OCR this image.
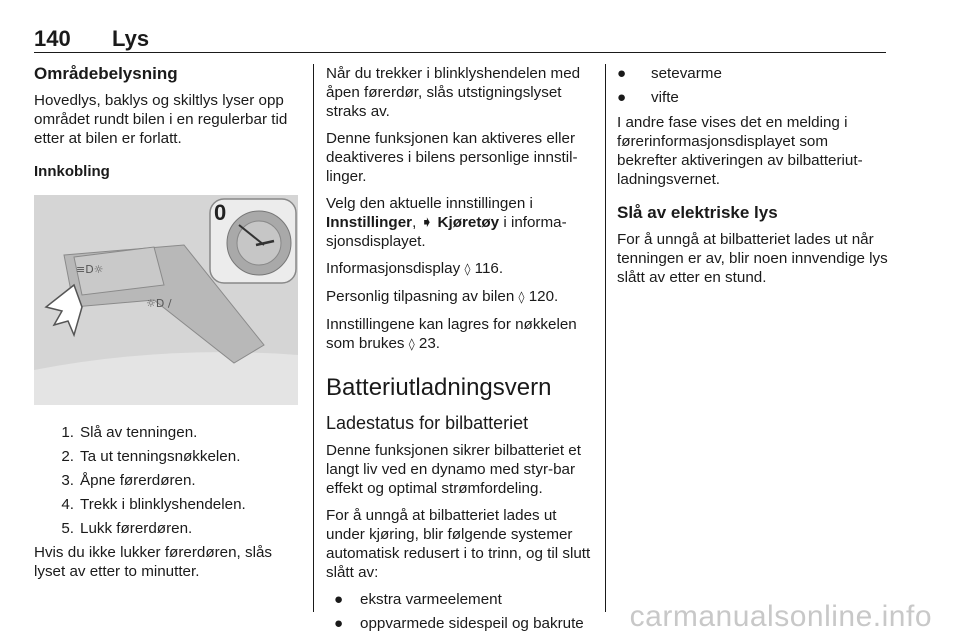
140 Lys
Områdebelysning

Hovedlys, baklys og skiltlys lyser opp området rundt bilen i en regulerbar tid etter at bilen er forlatt.

Innkobling
≡D☼
☼D /
0
1. Slå av tenningen.
2. Ta ut tenningsnøkkelen.
3. Åpne førerdøren.
4. Trekk i blinklyshendelen.
5. Lukk førerdøren.

Hvis du ikke lukker førerdøren, slås lyset av etter to minutter.

Når du trekker i blinklyshendelen med åpen førerdør, slås utstigningslyset straks av.

Denne funksjonen kan aktiveres eller deaktiveres i bilens personlige innstil-linger.

Velg den aktuelle innstillingen i
Innstillinger, ➧ Kjøretøy i informa-sjonsdisplayet.

Informasjonsdisplay ◊ 116.

Personlig tilpasning av bilen ◊ 120.

Innstillingene kan lagres for nøkkelen som brukes ◊ 23.

Batteriutladningsvern
Ladestatus for bilbatteriet

Denne funksjonen sikrer bilbatteriet et langt liv ved en dynamo med styr-bar effekt og optimal strømfordeling.

For å unngå at bilbatteriet lades ut under kjøring, blir følgende systemer automatisk redusert i to trinn, og til slutt slått av:

●	ekstra varmeelement
●	oppvarmede sidespeil og bakrute
●	setevarme
●	vifte

I andre fase vises det en melding i førerinformasjonsdisplayet som bekrefter aktiveringen av bilbatteriut-ladningsvernet.

Slå av elektriske lys

For å unngå at bilbatteriet lades ut når tenningen er av, blir noen innvendige lys slått av etter en stund.

carmanualsonline.info
